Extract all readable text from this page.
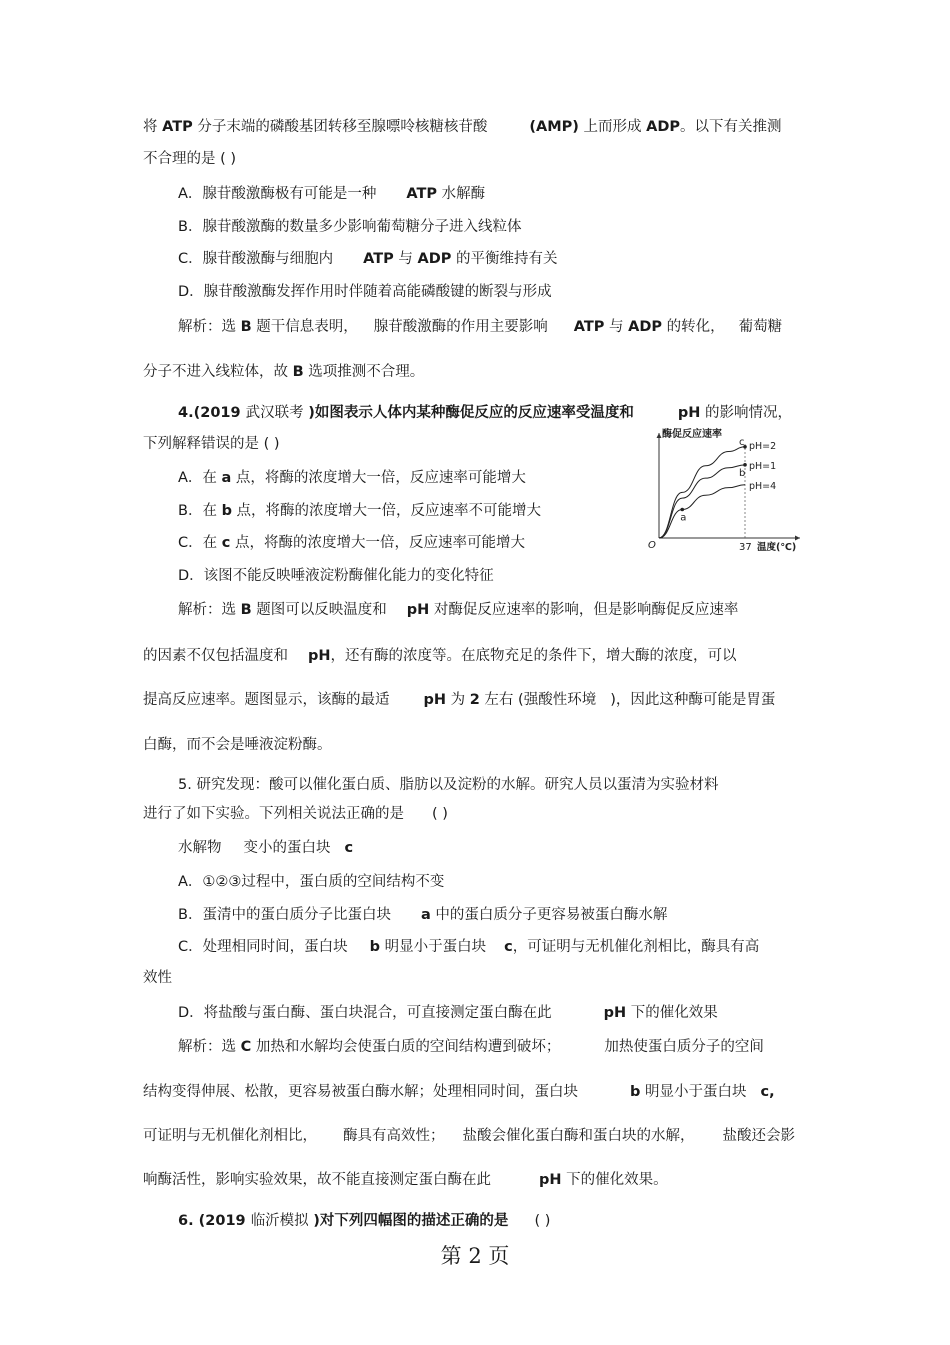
将 ATP 分子末端的磷酸基团转移至腺嘌呤核糖核苷酸	(AMP) 上而形成 ADP。以下有关推测
不合理的是 ( )
A．腺苷酸激酶极有可能是一种 ATP 水解酶
B．腺苷酸激酶的数量多少影响葡萄糖分子进入线粒体
C．腺苷酸激酶与细胞内 ATP 与 ADP 的平衡维持有关
D．腺苷酸激酶发挥作用时伴随着高能磷酸键的断裂与形成
解析：选 B 题干信息表明， 腺苷酸激酶的作用主要影响 ATP 与 ADP 的转化， 葡萄糖
分子不进入线粒体，故 B 选项推测不合理。
4.(2019 武汉联考 )如图表示人体内某种酶促反应的反应速率受温度和	pH 的影响情况，
下列解释错误的是 ( )
A．在 a 点，将酶的浓度增大一倍，反应速率可能增大
B．在 b 点，将酶的浓度增大一倍，反应速率不可能增大
C．在 c 点，将酶的浓度增大一倍，反应速率可能增大
D．该图不能反映唾液淀粉酶催化能力的变化特征
pH=2
pH=1
pH=4
a
b
c
酶促反应速率
温度(℃)
37
O
解析：选 B 题图可以反映温度和 pH 对酶促反应速率的影响，但是影响酶促反应速率
的因素不仅包括温度和 pH，还有酶的浓度等。在底物充足的条件下，增大酶的浓度，可以
提高反应速率。题图显示，该酶的最适 pH 为 2 左右 (强酸性环境 )，因此这种酶可能是胃蛋
白酶，而不会是唾液淀粉酶。
5. 研究发现：酸可以催化蛋白质、脂肪以及淀粉的水解。研究人员以蛋清为实验材料
进行了如下实验。下列相关说法正确的是 ( )
水解物 变小的蛋白块 c
A．①②③过程中，蛋白质的空间结构不变
B．蛋清中的蛋白质分子比蛋白块 a 中的蛋白质分子更容易被蛋白酶水解
C．处理相同时间，蛋白块 b 明显小于蛋白块 c，可证明与无机催化剂相比，酶具有高
效性
D．将盐酸与蛋白酶、蛋白块混合，可直接测定蛋白酶在此	pH 下的催化效果
解析：选 C 加热和水解均会使蛋白质的空间结构遭到破坏；	加热使蛋白质分子的空间
结构变得伸展、松散，更容易被蛋白酶水解；处理相同时间，蛋白块	b 明显小于蛋白块 c,
可证明与无机催化剂相比， 酶具有高效性； 盐酸会催化蛋白酶和蛋白块的水解， 盐酸还会影
响酶活性，影响实验效果，故不能直接测定蛋白酶在此	pH 下的催化效果。
6. (2019 临沂模拟 )对下列四幅图的描述正确的是 ( )
第 2 页
